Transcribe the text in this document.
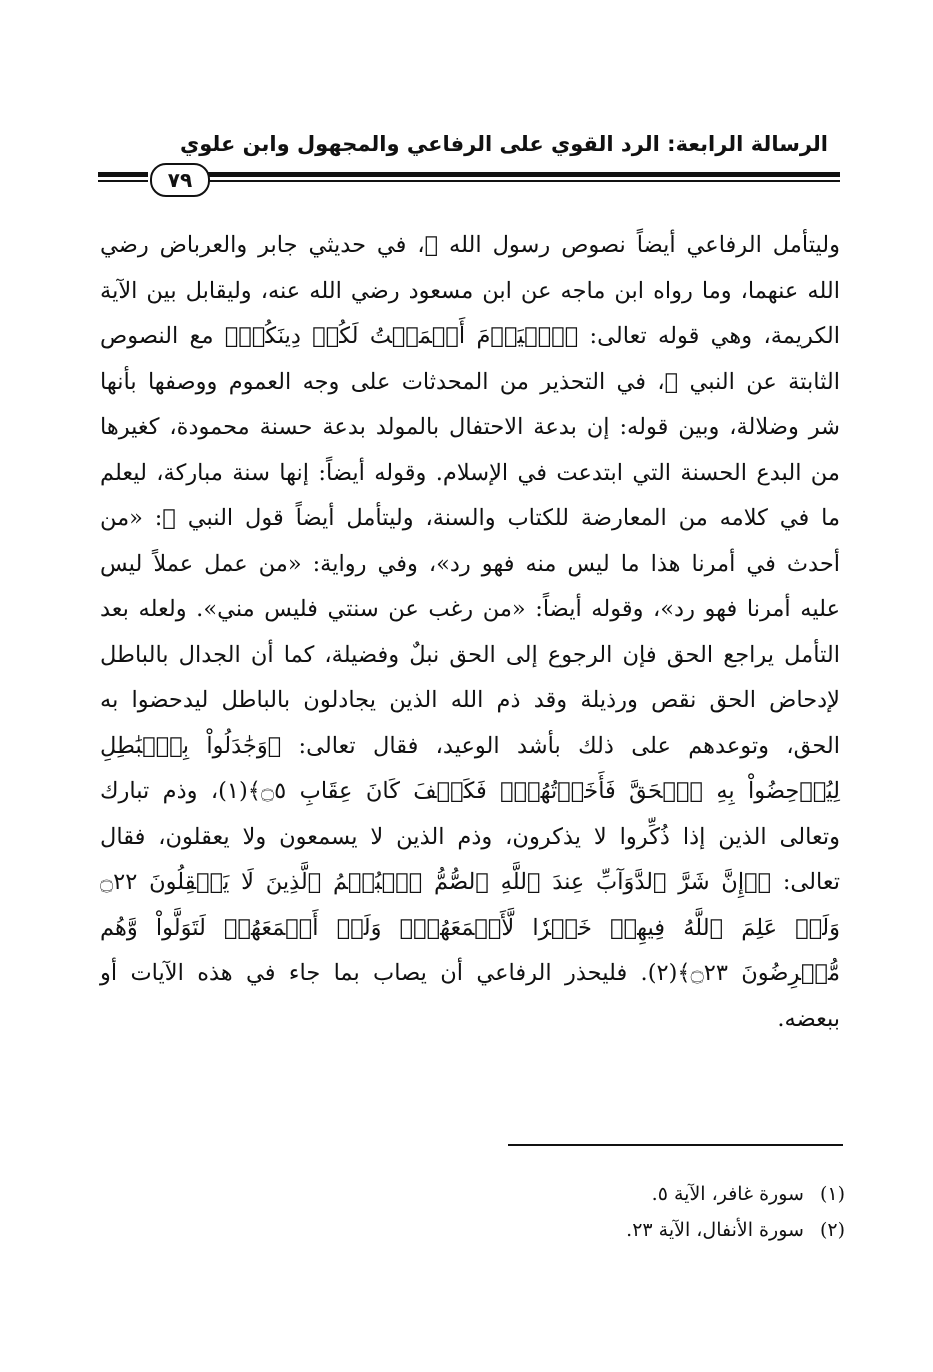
الرسالة الرابعة: الرد القوي على الرفاعي والمجهول وابن علوي
٧٩
وليتأمل الرفاعي أيضاً نصوص رسول الله ﷺ، في حديثي جابر والعرباض رضي الله عنهما، وما رواه ابن ماجه عن ابن مسعود رضي الله عنه، وليقابل بين الآية الكريمة، وهي قوله تعالى: ﴿ٱلۡيَوۡمَ أَكۡمَلۡتُ لَكُمۡ دِينَكُمۡ﴾ مع النصوص الثابتة عن النبي ﷺ، في التحذير من المحدثات على وجه العموم ووصفها بأنها شر وضلالة، وبين قوله: إن بدعة الاحتفال بالمولد بدعة حسنة محمودة، كغيرها من البدع الحسنة التي ابتدعت في الإسلام. وقوله أيضاً: إنها سنة مباركة، ليعلم ما في كلامه من المعارضة للكتاب والسنة، وليتأمل أيضاً قول النبي ﷺ: «من أحدث في أمرنا هذا ما ليس منه فهو رد»، وفي رواية: «من عمل عملاً ليس عليه أمرنا فهو رد»، وقوله أيضاً: «من رغب عن سنتي فليس مني». ولعله بعد التأمل يراجع الحق فإن الرجوع إلى الحق نبلٌ وفضيلة، كما أن الجدال بالباطل لإدحاض الحق نقص ورذيلة وقد ذم الله الذين يجادلون بالباطل ليدحضوا به الحق، وتوعدهم على ذلك بأشد الوعيد، فقال تعالى: ﴿وَجَٰدَلُواْ بِٱلۡبَٰطِلِ لِيُدۡحِضُواْ بِهِ ٱلۡحَقَّ فَأَخَذۡتُهُمۡۖ فَكَيۡفَ كَانَ عِقَابِ ۝٥﴾(١)، وذم تبارك وتعالى الذين إذا ذُكِّروا لا يذكرون، وذم الذين لا يسمعون ولا يعقلون، فقال تعالى: ﴿۞إِنَّ شَرَّ ٱلدَّوَآبِّ عِندَ ٱللَّهِ ٱلصُّمُّ ٱلۡبُكۡمُ ٱلَّذِينَ لَا يَعۡقِلُونَ ۝٢٢ وَلَوۡ عَلِمَ ٱللَّهُ فِيهِمۡ خَيۡرٗا لَّأَسۡمَعَهُمۡۖ وَلَوۡ أَسۡمَعَهُمۡ لَتَوَلَّواْ وَّهُم مُّعۡرِضُونَ ۝٢٣﴾(٢). فليحذر الرفاعي أن يصاب بما جاء في هذه الآيات أو ببعضه.
(١)سورة غافر، الآية ٥.
(٢)سورة الأنفال، الآية ٢٣.
